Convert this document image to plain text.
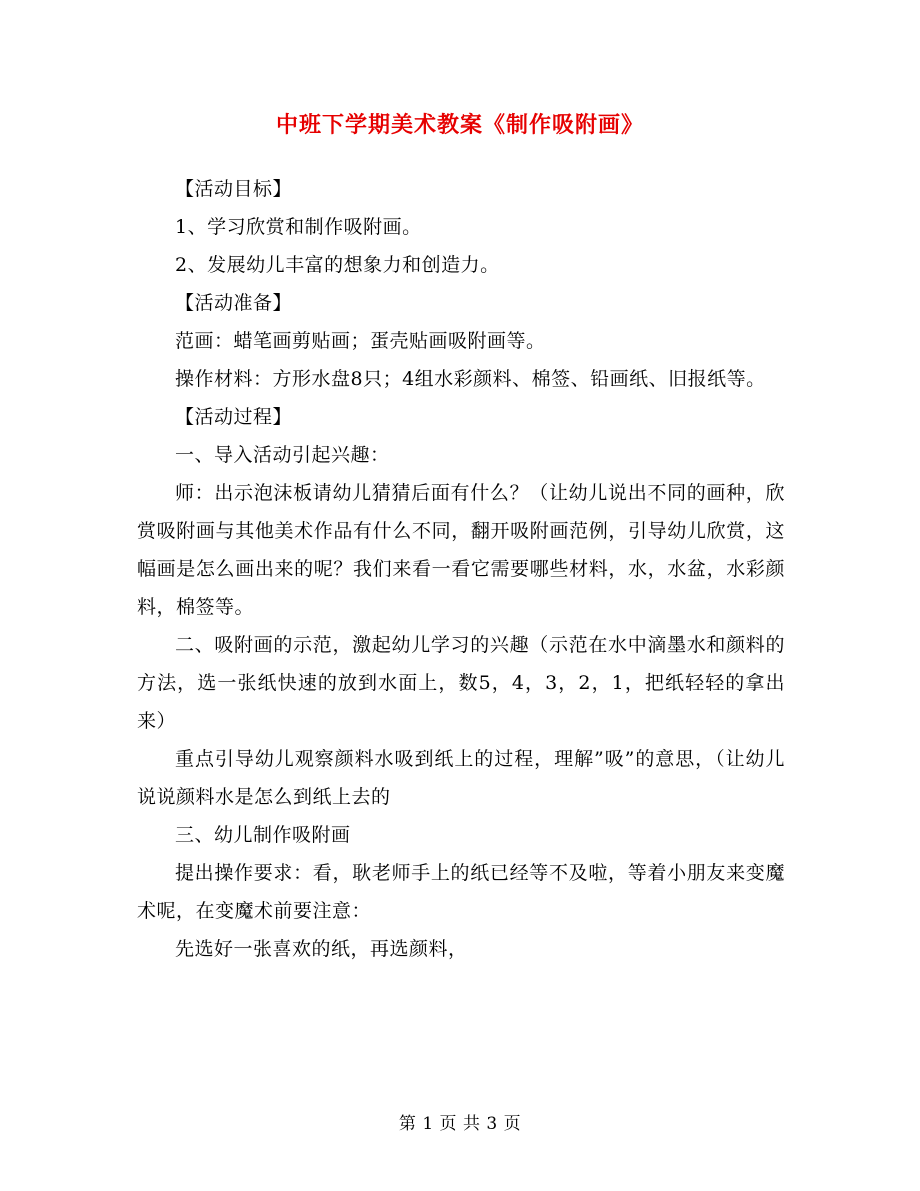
中班下学期美术教案《制作吸附画》

【活动目标】

1、学习欣赏和制作吸附画。

2、发展幼儿丰富的想象力和创造力。

【活动准备】

范画：蜡笔画剪贴画；蛋壳贴画吸附画等。

操作材料：方形水盘8只；4组水彩颜料、棉签、铅画纸、旧报纸等。

【活动过程】

一、导入活动引起兴趣：

师：出示泡沫板请幼儿猜猜后面有什么？（让幼儿说出不同的画种，欣赏吸附画与其他美术作品有什么不同，翻开吸附画范例，引导幼儿欣赏，这幅画是怎么画出来的呢？我们来看一看它需要哪些材料，水，水盆，水彩颜料，棉签等。

二、吸附画的示范，激起幼儿学习的兴趣（示范在水中滴墨水和颜料的方法，选一张纸快速的放到水面上，数5，4，3，2，1，把纸轻轻的拿出来）

重点引导幼儿观察颜料水吸到纸上的过程，理解”吸”的意思，（让幼儿说说颜料水是怎么到纸上去的

三、幼儿制作吸附画

提出操作要求：看，耿老师手上的纸已经等不及啦，等着小朋友来变魔术呢，在变魔术前要注意：

先选好一张喜欢的纸，再选颜料，

第 1 页 共 3 页
